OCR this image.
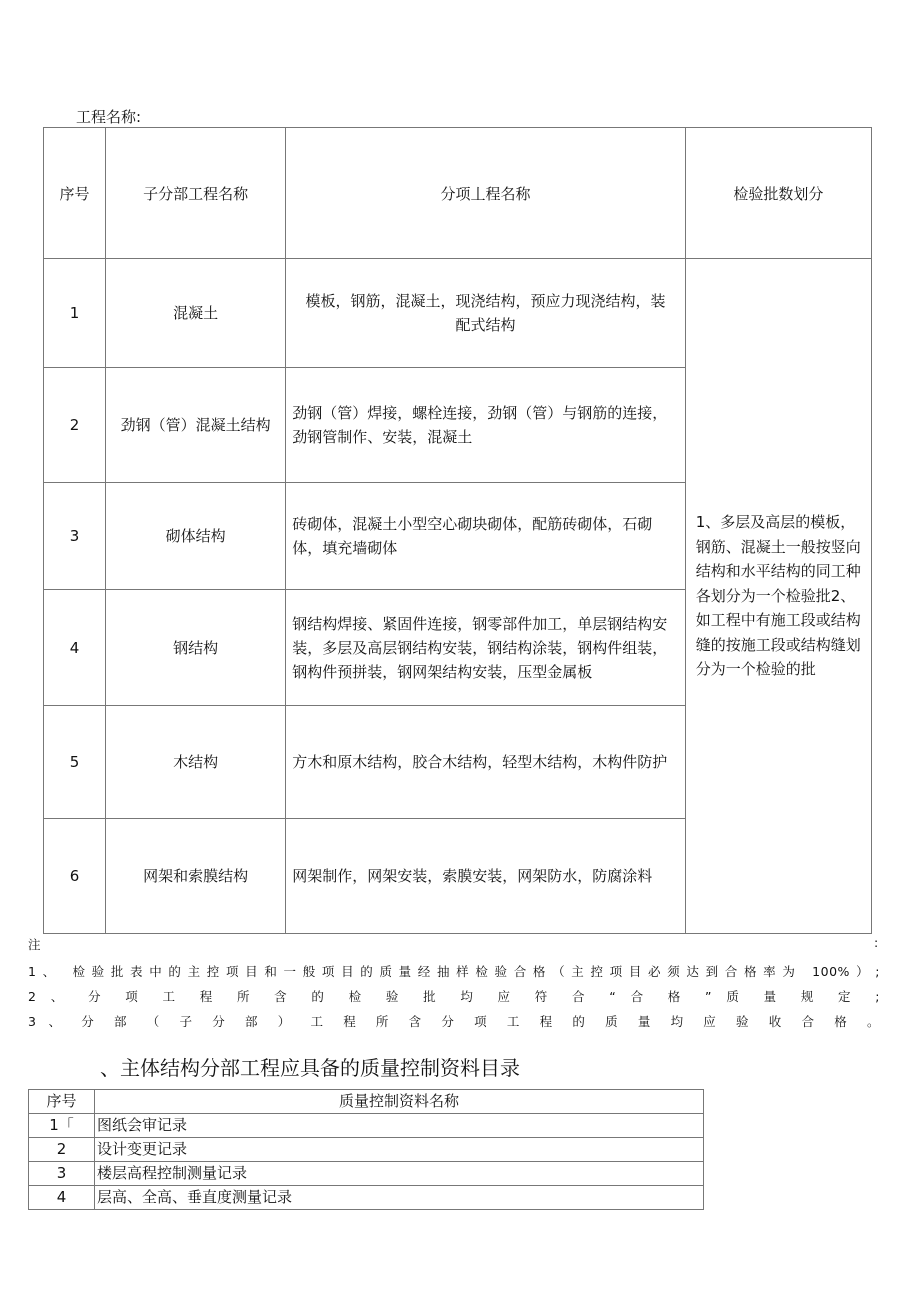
工程名称:
序号	子分部工程名称	分项丄程名称	检验批数划分
1	混凝土	模板，钢筋，混凝土，现浇结构，预应力现浇结构，装配式结构	1、多层及高层的模板，钢筋、混凝土一般按竖向结构和水平结构的同工种各划分为一个检验批2、如工程中有施工段或结构缝的按施工段或结构缝划分为一个检验的批

2	劲钢（管）混凝土结构	劲钢（管）焊接，螺栓连接，劲钢（管）与钢筋的连接，劲钢管制作、安装，混凝土	

3	砌体结构	砖砌体，混凝土小型空心砌块砌体，配筋砖砌体，石砌体，填充墙砌体	

4	钢结构	钢结构焊接、紧固件连接，钢零部件加工，单层钢结构安装，多层及高层钢结构安装，钢结构涂装，钢构件组装，钢构件预拼装，钢网架结构安装，压型金属板	

5	木结构	方木和原木结构，胶合木结构，轻型木结构，木构件防护	

6	网架和索膜结构	网架制作，网架安装，索膜安装，网架防水，防腐涂料	
注	:
1、 检验批表中的主控项目和一般项目的质量经抽样检验合格（主控项目必须达到合格率为 100%）;
2 、 分 项 工 程 所 含 的 检 验 批 均 应 符 合 “ 合 格 ” 质 量 规 定 ;
3 、 分 部 （ 子 分 部 ） 工 程 所 含 分 项 工 程 的 质 量 均 应 验 收 合 格 。
、主体结构分部工程应具备的质量控制资料目录
序号	质量控制资料名称
1「	图纸会审记录
2	设计变更记录
3	楼层高程控制测量记录
4	层高、全高、垂直度测量记录
